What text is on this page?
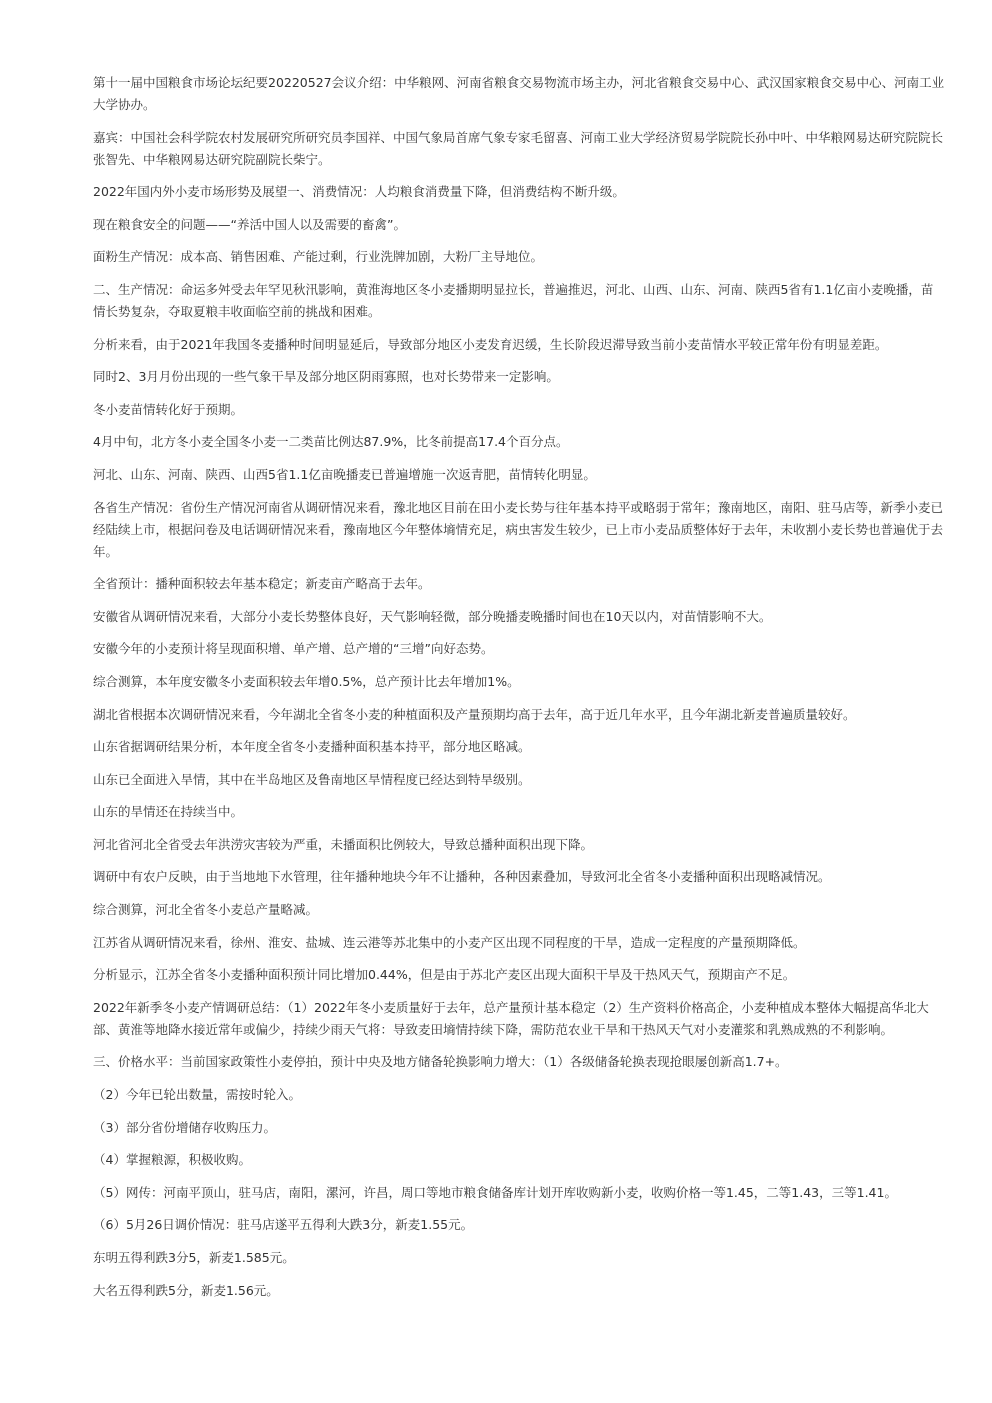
第十一届中国粮食市场论坛纪要20220527会议介绍：中华粮网、河南省粮食交易物流市场主办，河北省粮食交易中心、武汉国家粮食交易中心、河南工业大学协办。

嘉宾：中国社会科学院农村发展研究所研究员李国祥、中国气象局首席气象专家毛留喜、河南工业大学经济贸易学院院长孙中叶、中华粮网易达研究院院长张智先、中华粮网易达研究院副院长柴宁。

2022年国内外小麦市场形势及展望一、消费情况：人均粮食消费量下降，但消费结构不断升级。

现在粮食安全的问题——“养活中国人以及需要的畜禽”。

面粉生产情况：成本高、销售困难、产能过剩，行业洗牌加剧，大粉厂主导地位。

二、生产情况：命运多舛受去年罕见秋汛影响，黄淮海地区冬小麦播期明显拉长，普遍推迟，河北、山西、山东、河南、陕西5省有1.1亿亩小麦晚播，苗情长势复杂，夺取夏粮丰收面临空前的挑战和困难。

分析来看，由于2021年我国冬麦播种时间明显延后，导致部分地区小麦发育迟缓，生长阶段迟滞导致当前小麦苗情水平较正常年份有明显差距。

同时2、3月月份出现的一些气象干旱及部分地区阴雨寡照，也对长势带来一定影响。

冬小麦苗情转化好于预期。

4月中旬，北方冬小麦全国冬小麦一二类苗比例达87.9%，比冬前提高17.4个百分点。

河北、山东、河南、陕西、山西5省1.1亿亩晚播麦已普遍增施一次返青肥，苗情转化明显。

各省生产情况：省份生产情况河南省从调研情况来看，豫北地区目前在田小麦长势与往年基本持平或略弱于常年；豫南地区，南阳、驻马店等，新季小麦已经陆续上市，根据问卷及电话调研情况来看，豫南地区今年整体墒情充足，病虫害发生较少，已上市小麦品质整体好于去年，未收割小麦长势也普遍优于去年。

全省预计：播种面积较去年基本稳定；新麦亩产略高于去年。

安徽省从调研情况来看，大部分小麦长势整体良好，天气影响轻微，部分晚播麦晚播时间也在10天以内，对苗情影响不大。

安徽今年的小麦预计将呈现面积增、单产增、总产增的“三增”向好态势。

综合测算，本年度安徽冬小麦面积较去年增0.5%，总产预计比去年增加1%。

湖北省根据本次调研情况来看，今年湖北全省冬小麦的种植面积及产量预期均高于去年，高于近几年水平，且今年湖北新麦普遍质量较好。

山东省据调研结果分析，本年度全省冬小麦播种面积基本持平，部分地区略减。

山东已全面进入旱情，其中在半岛地区及鲁南地区旱情程度已经达到特旱级别。

山东的旱情还在持续当中。

河北省河北全省受去年洪涝灾害较为严重，未播面积比例较大，导致总播种面积出现下降。

调研中有农户反映，由于当地地下水管理，往年播种地块今年不让播种，各种因素叠加，导致河北全省冬小麦播种面积出现略减情况。

综合测算，河北全省冬小麦总产量略减。

江苏省从调研情况来看，徐州、淮安、盐城、连云港等苏北集中的小麦产区出现不同程度的干旱，造成一定程度的产量预期降低。

分析显示，江苏全省冬小麦播种面积预计同比增加0.44%，但是由于苏北产麦区出现大面积干旱及干热风天气，预期亩产不足。

2022年新季冬小麦产情调研总结：（1）2022年冬小麦质量好于去年，总产量预计基本稳定（2）生产资料价格高企，小麦种植成本整体大幅提高华北大部、黄淮等地降水接近常年或偏少，持续少雨天气将：导致麦田墒情持续下降，需防范农业干旱和干热风天气对小麦灌浆和乳熟成熟的不利影响。

三、价格水平：当前国家政策性小麦停拍，预计中央及地方储备轮换影响力增大：（1）各级储备轮换表现抢眼屡创新高1.7+。

（2）今年已轮出数量，需按时轮入。

（3）部分省份增储存收购压力。

（4）掌握粮源，积极收购。

（5）网传：河南平顶山，驻马店，南阳，漯河，许昌，周口等地市粮食储备库计划开库收购新小麦，收购价格一等1.45，二等1.43，三等1.41。

（6）5月26日调价情况：驻马店遂平五得利大跌3分，新麦1.55元。

东明五得利跌3分5，新麦1.585元。

大名五得利跌5分，新麦1.56元。
